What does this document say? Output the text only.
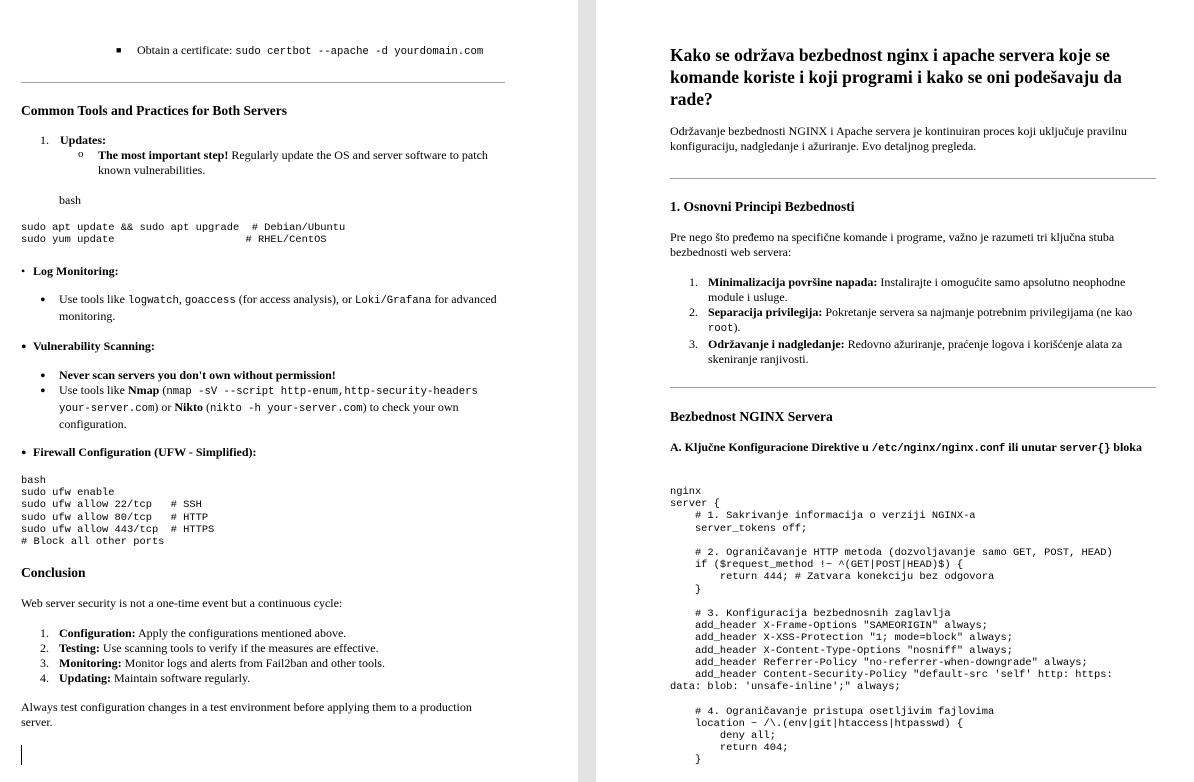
■ Obtain a certificate: sudo certbot --apache -d yourdomain.com

Common Tools and Practices for Both Servers
1. Updates:

o The most important step! Regularly update the OS and server software to patch known vulnerabilities.

bash

sudo apt update && sudo apt upgrade  # Debian/Ubuntu
sudo yum update                     # RHEL/CentOS
• Log Monitoring:

• Use tools like logwatch, goaccess (for access analysis), or Loki/Grafana for advanced monitoring.

• Vulnerability Scanning:

• Never scan servers you don't own without permission!

• Use tools like Nmap (nmap -sV --script http-enum,http-security-headers your-server.com) or Nikto (nikto -h your-server.com) to check your own configuration.

• Firewall Configuration (UFW - Simplified):

bash
sudo ufw enable
sudo ufw allow 22/tcp   # SSH
sudo ufw allow 80/tcp   # HTTP
sudo ufw allow 443/tcp  # HTTPS
# Block all other ports
Conclusion

Web server security is not a one-time event but a continuous cycle:

1. Configuration: Apply the configurations mentioned above.
2. Testing: Use scanning tools to verify if the measures are effective.
3. Monitoring: Monitor logs and alerts from Fail2ban and other tools.
4. Updating: Maintain software regularly.

Always test configuration changes in a test environment before applying them to a production server.

Kako se održava bezbednost nginx i apache servera koje se komande koriste i koji programi i kako se oni podešavaju da rade?

Održavanje bezbednosti NGINX i Apache servera je kontinuiran proces koji uključuje pravilnu konfiguraciju, nadgledanje i ažuriranje. Evo detaljnog pregleda.

1. Osnovni Principi Bezbednosti

Pre nego što pređemo na specifične komande i programe, važno je razumeti tri ključna stuba bezbednosti web servera:

1. Minimalizacija površine napada: Instalirajte i omogućite samo apsolutno neophodne module i usluge.
2. Separacija privilegija: Pokretanje servera sa najmanje potrebnim privilegijama (ne kao root).
3. Održavanje i nadgledanje: Redovno ažuriranje, praćenje logova i korišćenje alata za skeniranje ranjivosti.
Bezbednost NGINX Servera
A. Ključne Konfiguracione Direktive u /etc/nginx/nginx.conf ili unutar server{} bloka
nginx
server {
# 1. Sakrivanje informacija o verziji NGINX-a
server_tokens off;

# 2. Ograničavanje HTTP metoda (dozvoljavanje samo GET, POST, HEAD)
if ($request_method !~ ^(GET|POST|HEAD)$) {
return 444; # Zatvara konekciju bez odgovora
}

# 3. Konfiguracija bezbednosnih zaglavlja
add_header X-Frame-Options "SAMEORIGIN" always;
add_header X-XSS-Protection "1; mode=block" always;
add_header X-Content-Type-Options "nosniff" always;
add_header Referrer-Policy "no-referrer-when-downgrade" always;
add_header Content-Security-Policy "default-src 'self' http: https:
data: blob: 'unsafe-inline';" always;

# 4. Ograničavanje pristupa osetljivim fajlovima
location ~ /\.(env|git|htaccess|htpasswd) {
deny all;
return 404;
}
